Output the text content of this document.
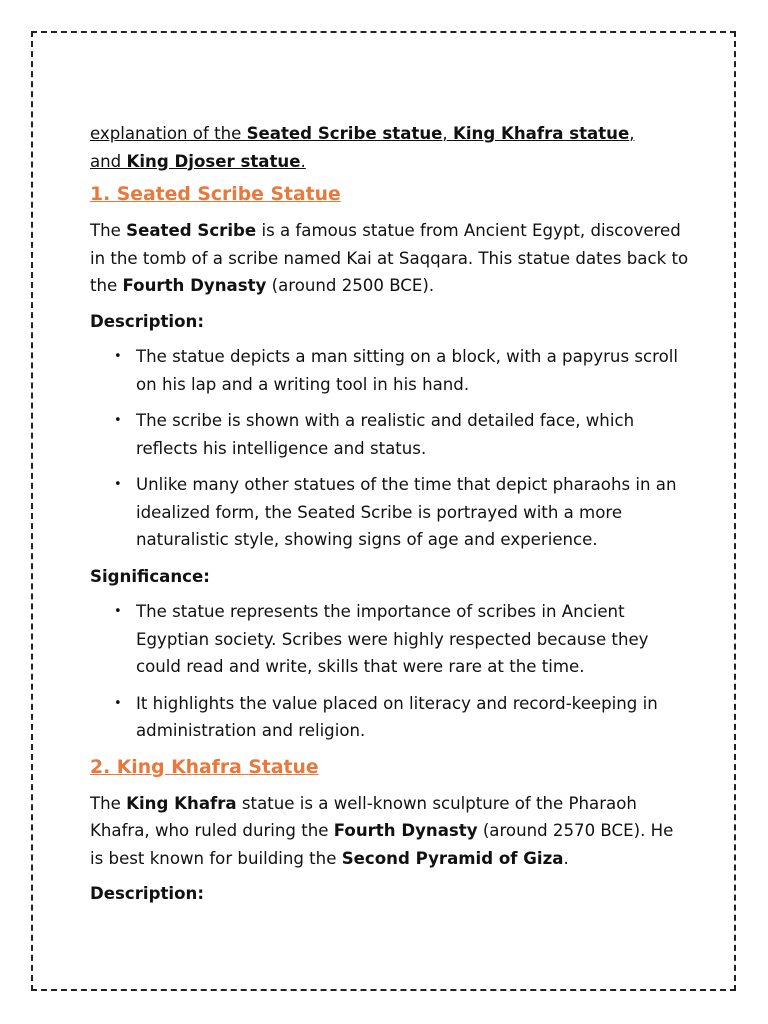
explanation of the Seated Scribe statue, King Khafra statue,
and King Djoser statue.

1. Seated Scribe Statue

The Seated Scribe is a famous statue from Ancient Egypt, discovered in the tomb of a scribe named Kai at Saqqara. This statue dates back to the Fourth Dynasty (around 2500 BCE).

Description:

• The statue depicts a man sitting on a block, with a papyrus scroll on his lap and a writing tool in his hand.
• The scribe is shown with a realistic and detailed face, which reflects his intelligence and status.
• Unlike many other statues of the time that depict pharaohs in an idealized form, the Seated Scribe is portrayed with a more naturalistic style, showing signs of age and experience.

Significance:

• The statue represents the importance of scribes in Ancient Egyptian society. Scribes were highly respected because they could read and write, skills that were rare at the time.
• It highlights the value placed on literacy and record-keeping in administration and religion.
2. King Khafra Statue

The King Khafra statue is a well-known sculpture of the Pharaoh Khafra, who ruled during the Fourth Dynasty (around 2570 BCE). He is best known for building the Second Pyramid of Giza.

Description:
